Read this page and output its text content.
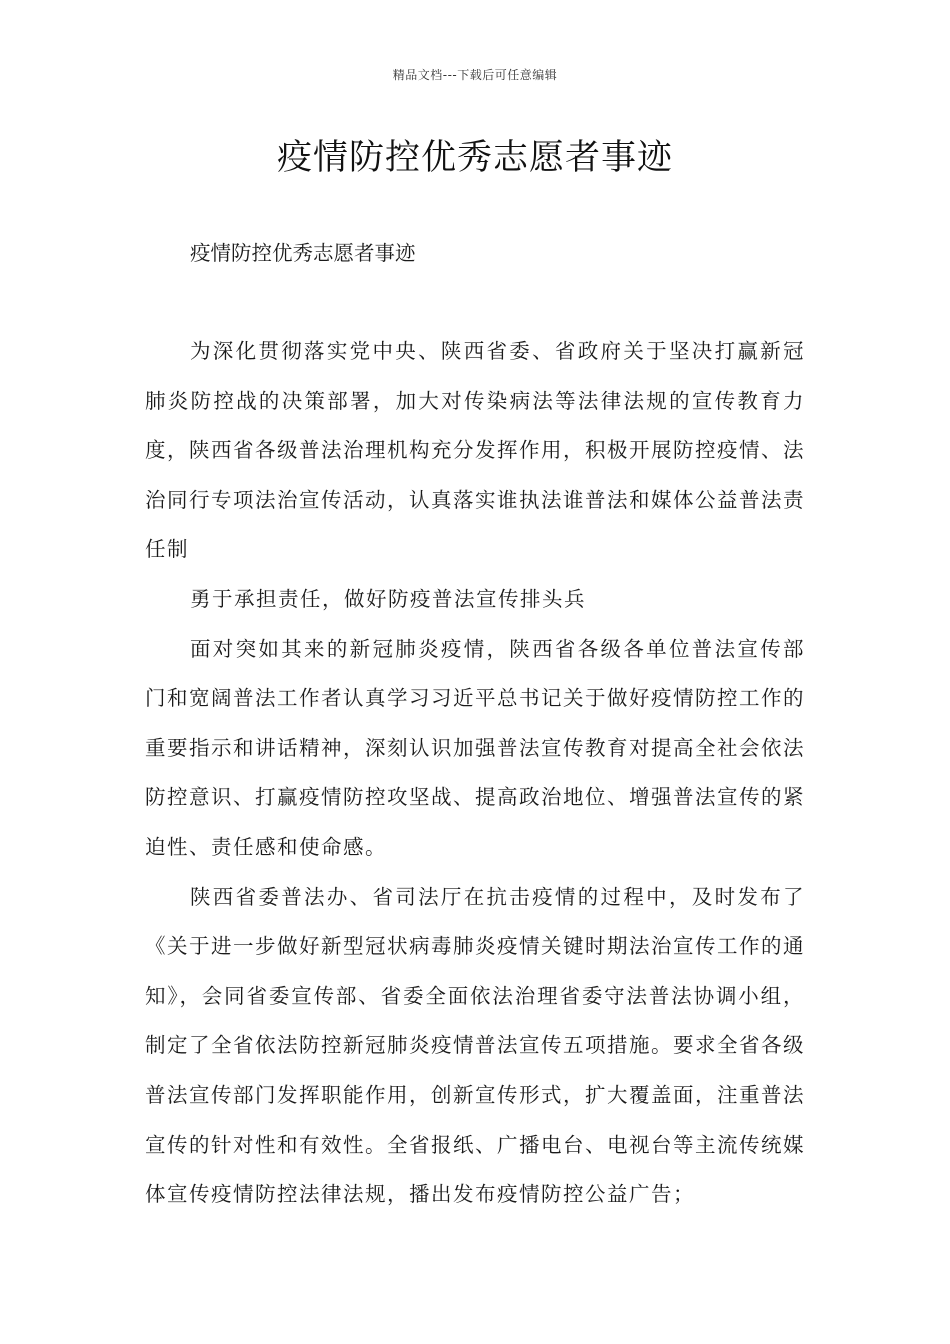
精品文档---下载后可任意编辑
疫情防控优秀志愿者事迹

疫情防控优秀志愿者事迹

为深化贯彻落实党中央、陕西省委、省政府关于坚决打赢新冠肺炎防控战的决策部署，加大对传染病法等法律法规的宣传教育力度，陕西省各级普法治理机构充分发挥作用，积极开展防控疫情、法治同行专项法治宣传活动，认真落实谁执法谁普法和媒体公益普法责任制

勇于承担责任，做好防疫普法宣传排头兵

面对突如其来的新冠肺炎疫情，陕西省各级各单位普法宣传部门和宽阔普法工作者认真学习习近平总书记关于做好疫情防控工作的重要指示和讲话精神，深刻认识加强普法宣传教育对提高全社会依法防控意识、打赢疫情防控攻坚战、提高政治地位、增强普法宣传的紧迫性、责任感和使命感。

陕西省委普法办、省司法厅在抗击疫情的过程中，及时发布了《关于进一步做好新型冠状病毒肺炎疫情关键时期法治宣传工作的通知》，会同省委宣传部、省委全面依法治理省委守法普法协调小组，制定了全省依法防控新冠肺炎疫情普法宣传五项措施。要求全省各级普法宣传部门发挥职能作用，创新宣传形式，扩大覆盖面，注重普法宣传的针对性和有效性。全省报纸、广播电台、电视台等主流传统媒体宣传疫情防控法律法规，播出发布疫情防控公益广告；
